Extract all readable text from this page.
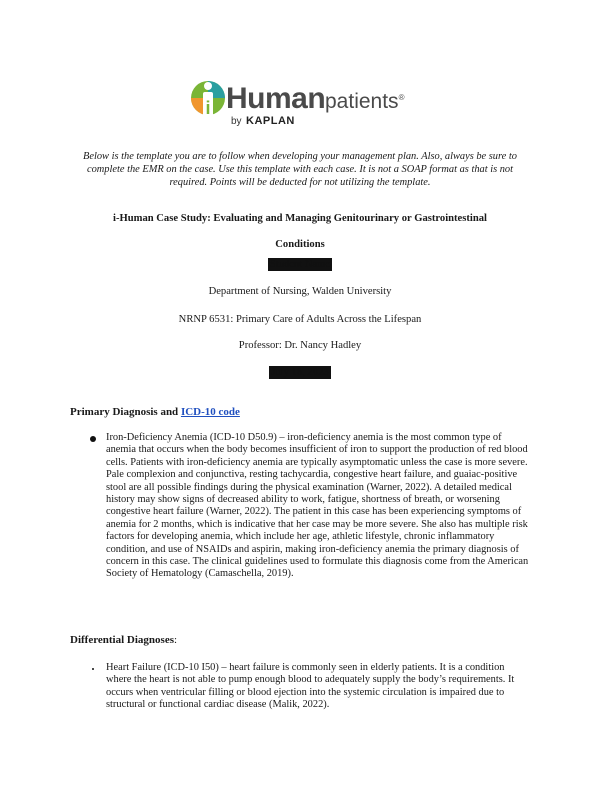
i Human patients®
by KAPLAN
Below is the template you are to follow when developing your management plan. Also, always be sure to complete the EMR on the case. Use this template with each case. It is not a SOAP format as that is not required. Points will be deducted for not utilizing the template.
i-Human Case Study: Evaluating and Managing Genitourinary or Gastrointestinal
Conditions
Student Name
Department of Nursing, Walden University
NRNP 6531: Primary Care of Adults Across the Lifespan
Professor: Dr. Nancy Hadley
July 16, 2023
Primary Diagnosis and ICD-10 code
Iron-Deficiency Anemia (ICD-10 D50.9) – iron-deficiency anemia is the most common type of anemia that occurs when the body becomes insufficient of iron to support the production of red blood cells. Patients with iron-deficiency anemia are typically asymptomatic unless the case is more severe. Pale complexion and conjunctiva, resting tachycardia, congestive heart failure, and guaiac-positive stool are all possible findings during the physical examination (Warner, 2022). A detailed medical history may show signs of decreased ability to work, fatigue, shortness of breath, or worsening congestive heart failure (Warner, 2022). The patient in this case has been experiencing symptoms of anemia for 2 months, which is indicative that her case may be more severe. She also has multiple risk factors for developing anemia, which include her age, athletic lifestyle, chronic inflammatory condition, and use of NSAIDs and aspirin, making iron-deficiency anemia the primary diagnosis of concern in this case. The clinical guidelines used to formulate this diagnosis come from the American Society of Hematology (Camaschella, 2019).
Differential Diagnoses:
Heart Failure (ICD-10 I50) – heart failure is commonly seen in elderly patients. It is a condition where the heart is not able to pump enough blood to adequately supply the body’s requirements. It occurs when ventricular filling or blood ejection into the systemic circulation is impaired due to structural or functional cardiac disease (Malik, 2022).
